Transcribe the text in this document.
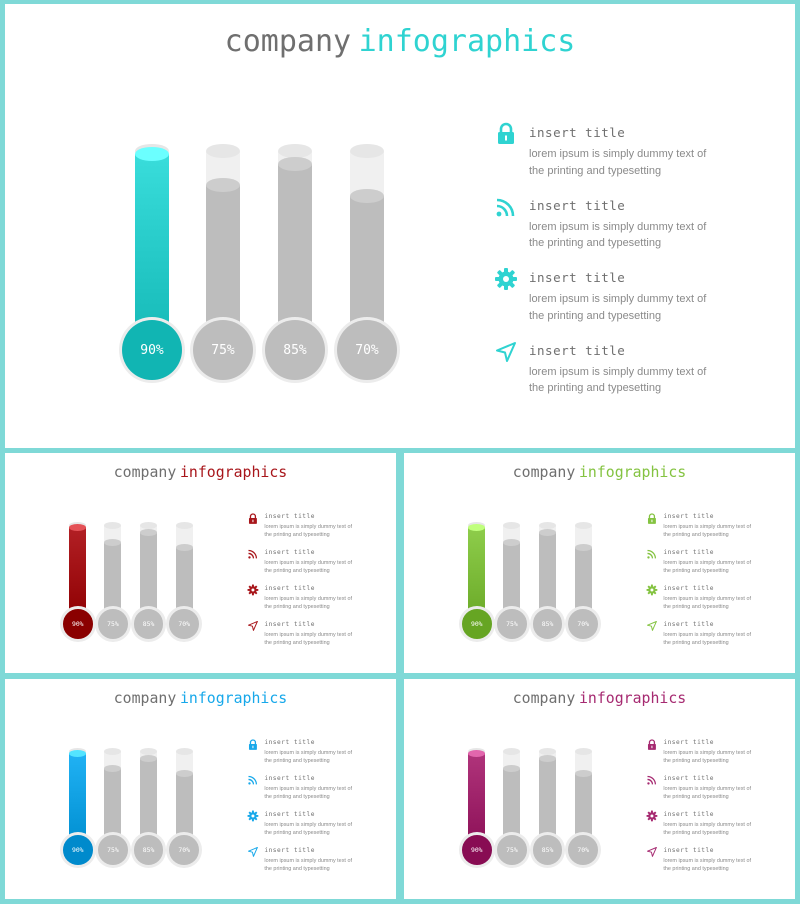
company infographics
90%	75%	85%	70%
insert title
lorem ipsum is simply dummy text of
the printing and typesetting
insert title
lorem ipsum is simply dummy text of
the printing and typesetting
insert title
lorem ipsum is simply dummy text of
the printing and typesetting
insert title
lorem ipsum is simply dummy text of
the printing and typesetting
company infographics
90%	75%	85%	70%
insert title
lorem ipsum is simply dummy text of
the printing and typesetting
insert title
lorem ipsum is simply dummy text of
the printing and typesetting
insert title
lorem ipsum is simply dummy text of
the printing and typesetting
insert title
lorem ipsum is simply dummy text of
the printing and typesetting
company infographics
90%	75%	85%	70%
insert title
lorem ipsum is simply dummy text of
the printing and typesetting
insert title
lorem ipsum is simply dummy text of
the printing and typesetting
insert title
lorem ipsum is simply dummy text of
the printing and typesetting
insert title
lorem ipsum is simply dummy text of
the printing and typesetting
company infographics
90%	75%	85%	70%
insert title
lorem ipsum is simply dummy text of
the printing and typesetting
insert title
lorem ipsum is simply dummy text of
the printing and typesetting
insert title
lorem ipsum is simply dummy text of
the printing and typesetting
insert title
lorem ipsum is simply dummy text of
the printing and typesetting
company infographics
90%	75%	85%	70%
insert title
lorem ipsum is simply dummy text of
the printing and typesetting
insert title
lorem ipsum is simply dummy text of
the printing and typesetting
insert title
lorem ipsum is simply dummy text of
the printing and typesetting
insert title
lorem ipsum is simply dummy text of
the printing and typesetting
